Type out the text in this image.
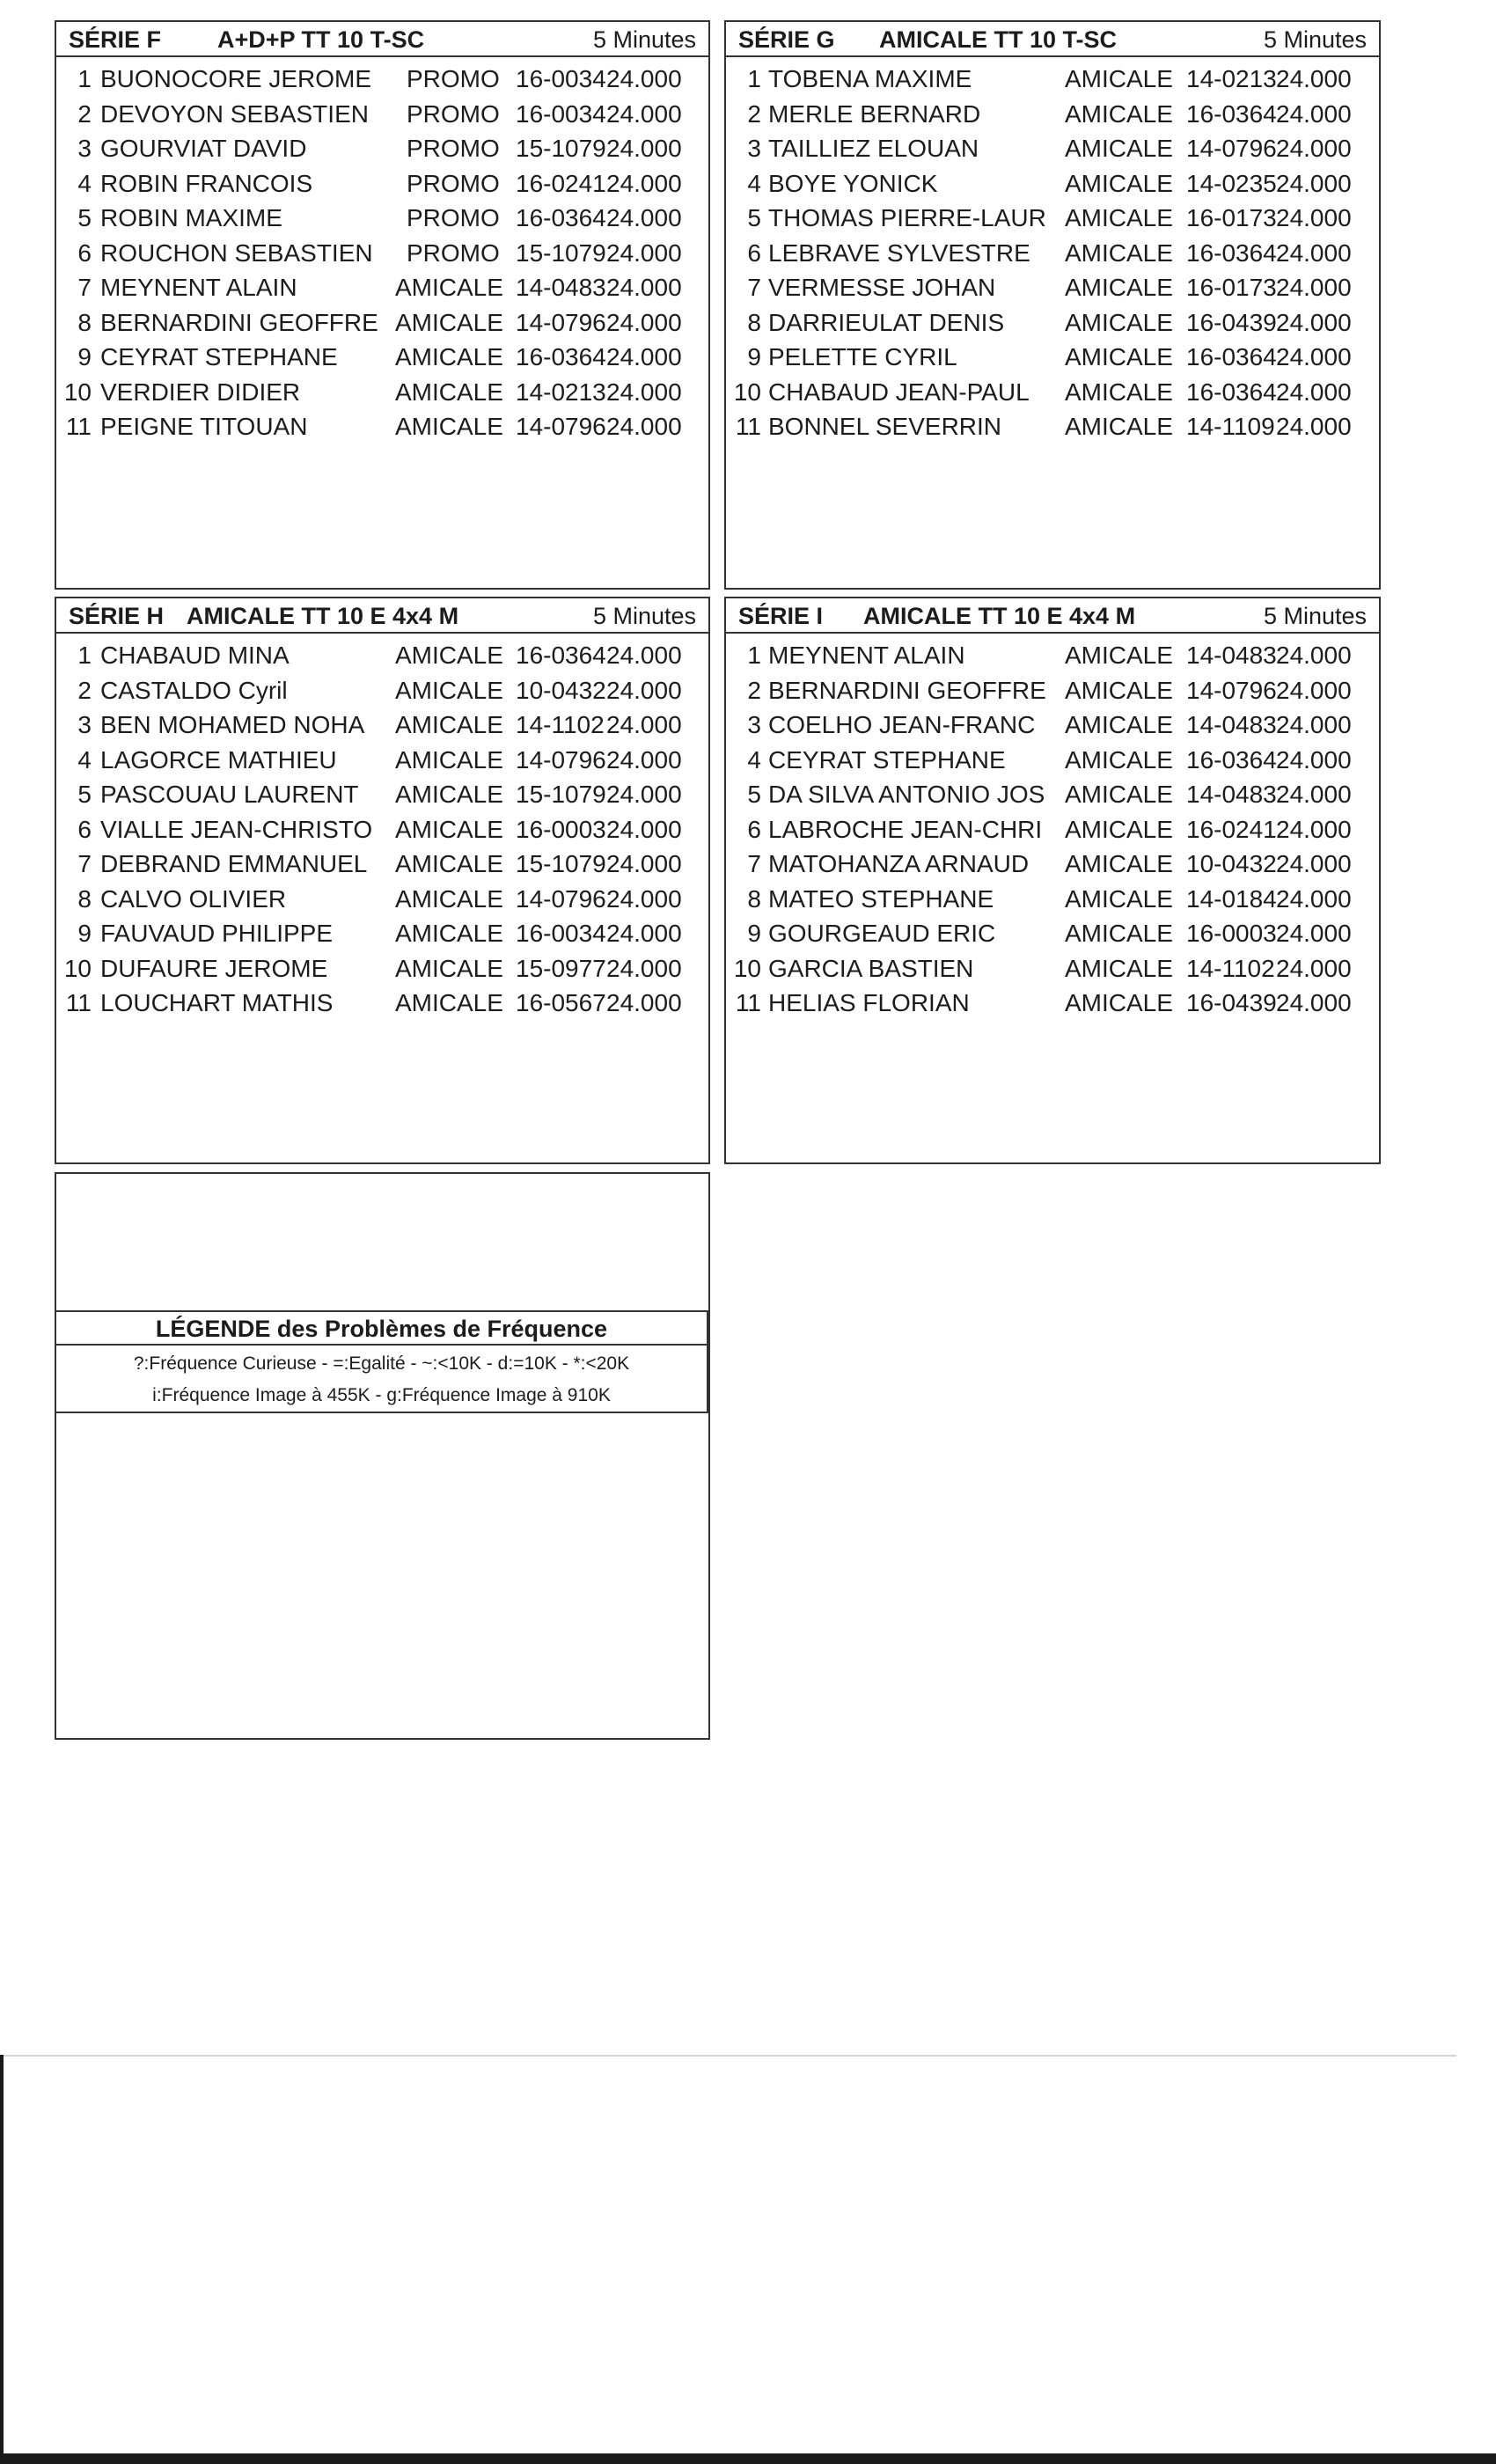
SÉRIE F A+D+P TT 10 T-SC	5 Minutes
1 BUONOCORE JEROME PROMO 16-0034 24.000
2 DEVOYON SEBASTIEN PROMO 16-0034 24.000
3 GOURVIAT DAVID	PROMO 15-1079 24.000
4 ROBIN FRANCOIS	PROMO 16-0241 24.000
5 ROBIN MAXIME	PROMO 16-0364 24.000
6 ROUCHON SEBASTIEN PROMO 15-1079 24.000
7 MEYNENT ALAIN	AMICALE 14-0483 24.000
8 BERNARDINI GEOFFRE AMICALE 14-0796 24.000
9 CEYRAT STEPHANE AMICALE 16-0364 24.000
10 VERDIER DIDIER	AMICALE 14-0213 24.000
11 PEIGNE TITOUAN	AMICALE 14-0796 24.000
SÉRIE G AMICALE TT 10 T-SC	5 Minutes
1 TOBENA MAXIME	AMICALE 14-0213 24.000
2 MERLE BERNARD	AMICALE 16-0364 24.000
3 TAILLIEZ ELOUAN	AMICALE 14-0796 24.000
4 BOYE YONICK	AMICALE 14-0235 24.000
5 THOMAS PIERRE-LAUR AMICALE 16-0173 24.000
6 LEBRAVE SYLVESTRE AMICALE 16-0364 24.000
7 VERMESSE JOHAN	AMICALE 16-0173 24.000
8 DARRIEULAT DENIS AMICALE 16-0439 24.000
9 PELETTE CYRIL	AMICALE 16-0364 24.000
10 CHABAUD JEAN-PAUL AMICALE 16-0364 24.000
11 BONNEL SEVERRIN	AMICALE 14-1109 24.000
SÉRIE H AMICALE TT 10 E 4x4 M	5 Minutes
1 CHABAUD MINA	AMICALE 16-0364 24.000
2 CASTALDO Cyril	AMICALE 10-0432 24.000
3 BEN MOHAMED NOHA AMICALE 14-1102 24.000
4 LAGORCE MATHIEU AMICALE 14-0796 24.000
5 PASCOUAU LAURENT AMICALE 15-1079 24.000
6 VIALLE JEAN-CHRISTO AMICALE 16-0003 24.000
7 DEBRAND EMMANUEL AMICALE 15-1079 24.000
8 CALVO OLIVIER	AMICALE 14-0796 24.000
9 FAUVAUD PHILIPPE	AMICALE 16-0034 24.000
10 DUFAURE JEROME	AMICALE 15-0977 24.000
11 LOUCHART MATHIS	AMICALE 16-0567 24.000
SÉRIE I AMICALE TT 10 E 4x4 M	5 Minutes
1 MEYNENT ALAIN	AMICALE 14-0483 24.000
2 BERNARDINI GEOFFRE AMICALE 14-0796 24.000
3 COELHO JEAN-FRANC AMICALE 14-0483 24.000
4 CEYRAT STEPHANE AMICALE 16-0364 24.000
5 DA SILVA ANTONIO JOS AMICALE 14-0483 24.000
6 LABROCHE JEAN-CHRI AMICALE 16-0241 24.000
7 MATOHANZA ARNAUD AMICALE 10-0432 24.000
8 MATEO STEPHANE	AMICALE 14-0184 24.000
9 GOURGEAUD ERIC	AMICALE 16-0003 24.000
10 GARCIA BASTIEN	AMICALE 14-1102 24.000
11 HELIAS FLORIAN	AMICALE 16-0439 24.000
LÉGENDE des Problèmes de Fréquence
?:Fréquence Curieuse - =:Egalité - ~:<10K - d:=10K - *:<20K
i:Fréquence Image à 455K - g:Fréquence Image à 910K
